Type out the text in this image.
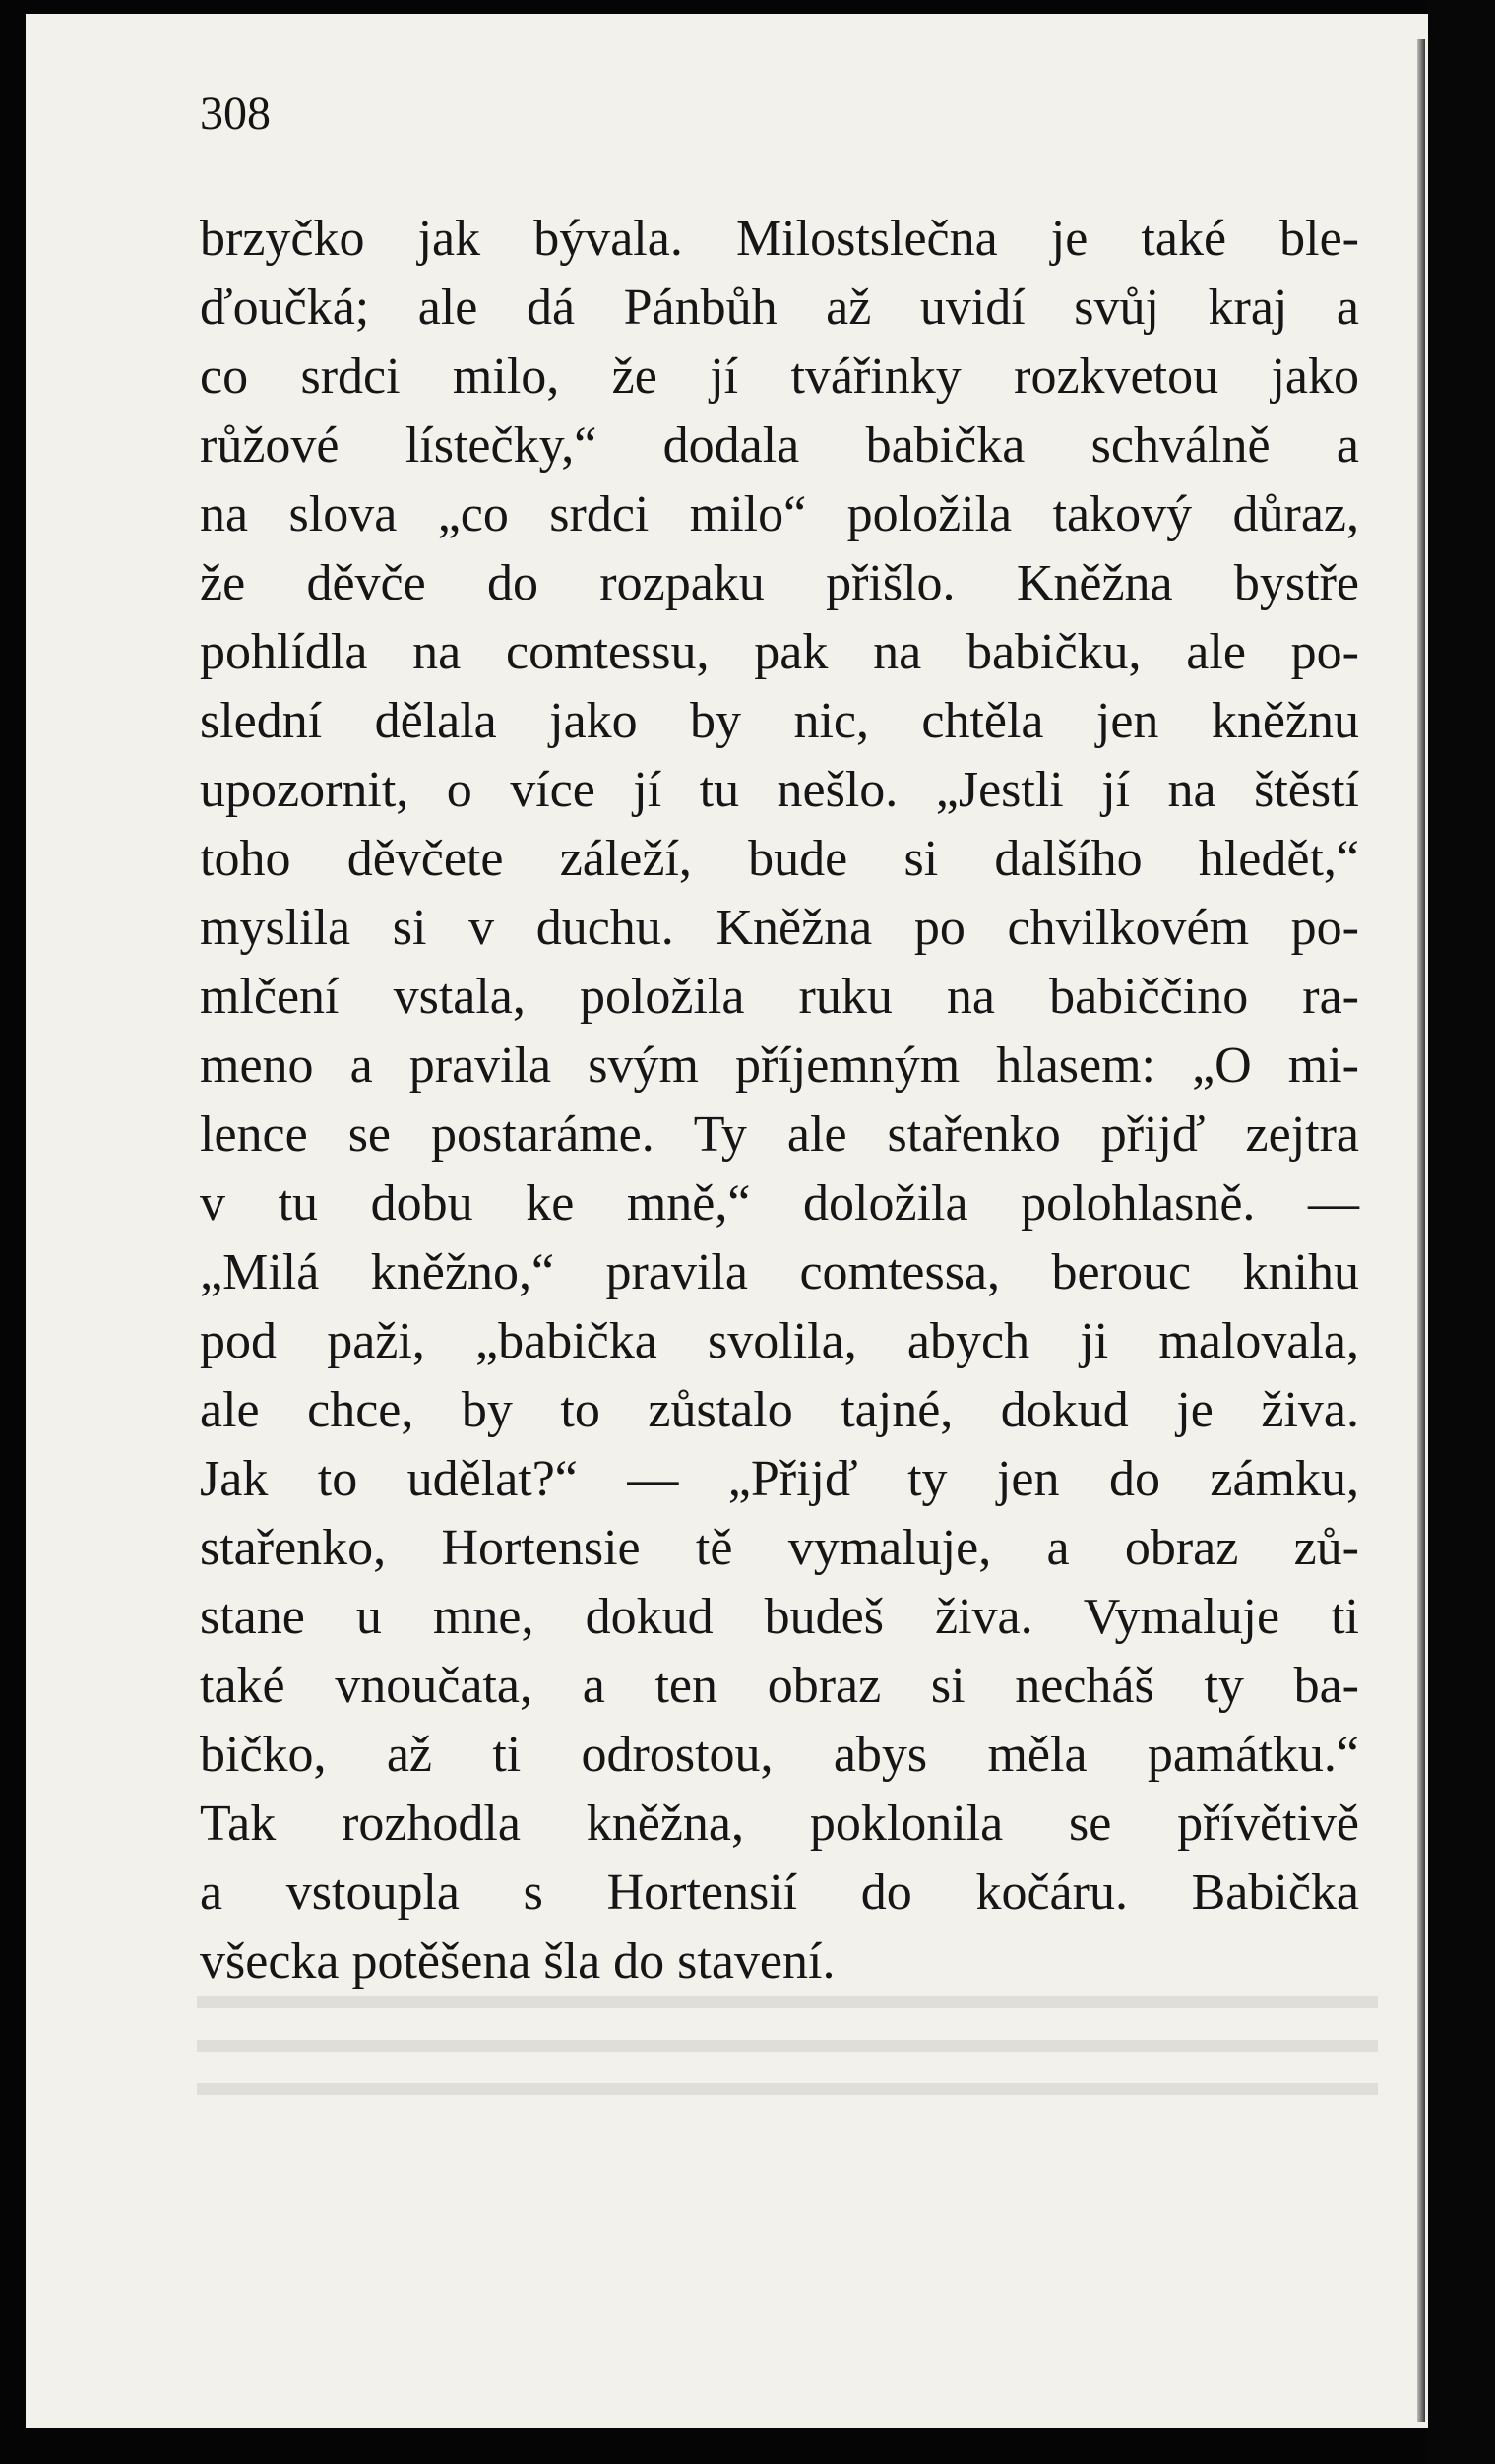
308

brzyčko jak bývala. Milostslečna je také ble-
ďoučká; ale dá Pánbůh až uvidí svůj kraj a
co srdci milo, že jí tvářinky rozkvetou jako
růžové lístečky,“ dodala babička schválně a
na slova „co srdci milo“ položila takový důraz,
že děvče do rozpaku přišlo. Kněžna bystře
pohlídla na comtessu, pak na babičku, ale po-
slední dělala jako by nic, chtěla jen kněžnu
upozornit, o více jí tu nešlo. „Jestli jí na štěstí
toho děvčete záleží, bude si dalšího hledět,“
myslila si v duchu. Kněžna po chvilkovém po-
mlčení vstala, položila ruku na babiččino ra-
meno a pravila svým příjemným hlasem: „O mi-
lence se postaráme. Ty ale stařenko přijď zejtra
v tu dobu ke mně,“ doložila polohlasně. —
„Milá kněžno,“ pravila comtessa, berouc knihu
pod paži, „babička svolila, abych ji malovala,
ale chce, by to zůstalo tajné, dokud je živa.
Jak to udělat?“ — „Přijď ty jen do zámku,
stařenko, Hortensie tě vymaluje, a obraz zů-
stane u mne, dokud budeš živa. Vymaluje ti
také vnoučata, a ten obraz si necháš ty ba-
bičko, až ti odrostou, abys měla památku.“
Tak rozhodla kněžna, poklonila se přívětivě
a vstoupla s Hortensií do kočáru. Babička
všecka potěšena šla do stavení.
